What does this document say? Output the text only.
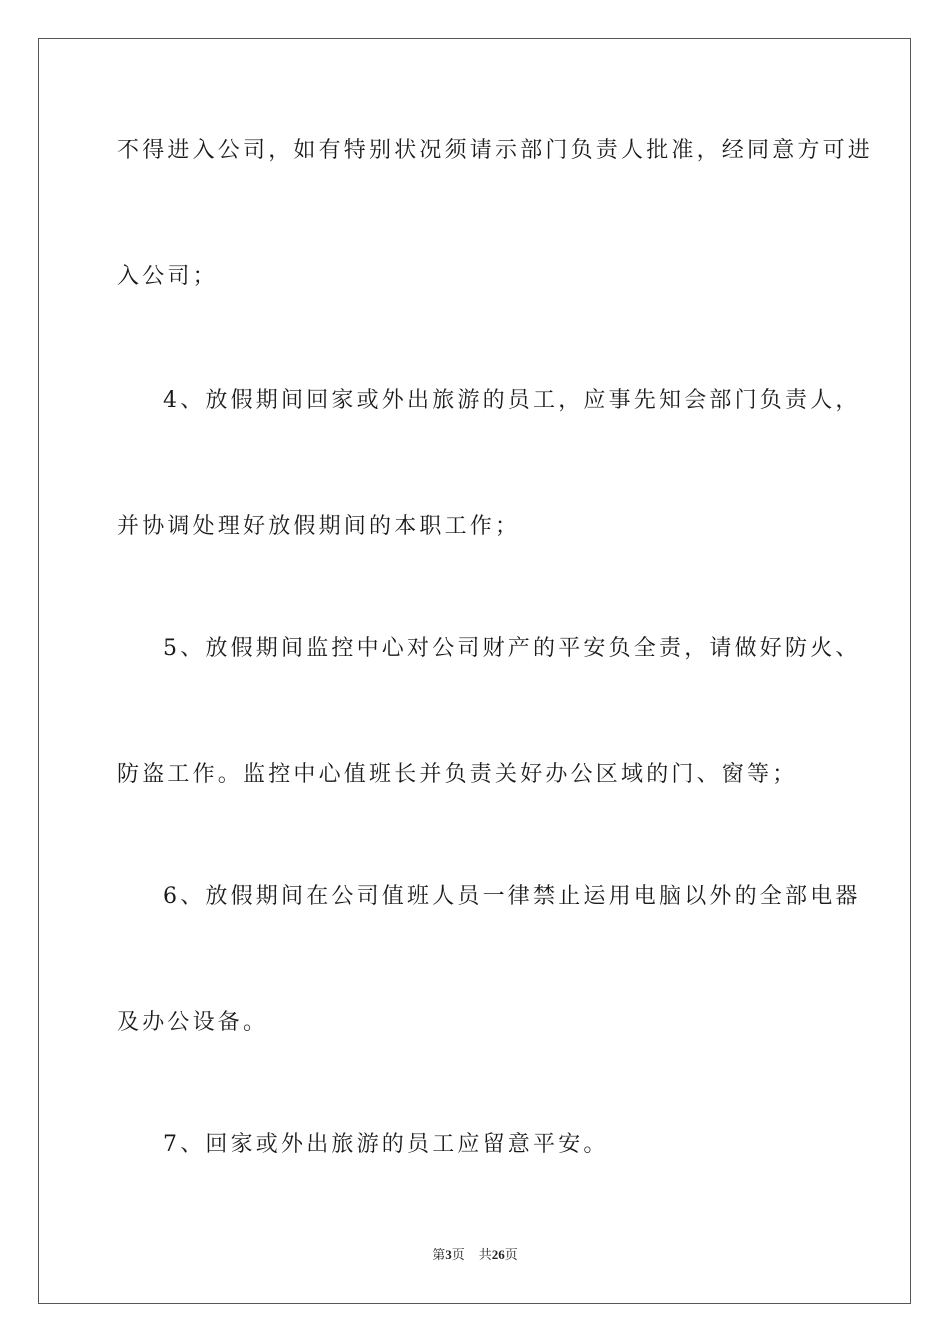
不得进入公司，如有特别状况须请示部门负责人批准，经同意方可进
入公司；
4、放假期间回家或外出旅游的员工，应事先知会部门负责人，
并协调处理好放假期间的本职工作；
5、放假期间监控中心对公司财产的平安负全责，请做好防火、
防盗工作。监控中心值班长并负责关好办公区域的门、窗等；
6、放假期间在公司值班人员一律禁止运用电脑以外的全部电器
及办公设备。
7、回家或外出旅游的员工应留意平安。
第3页 共26页
